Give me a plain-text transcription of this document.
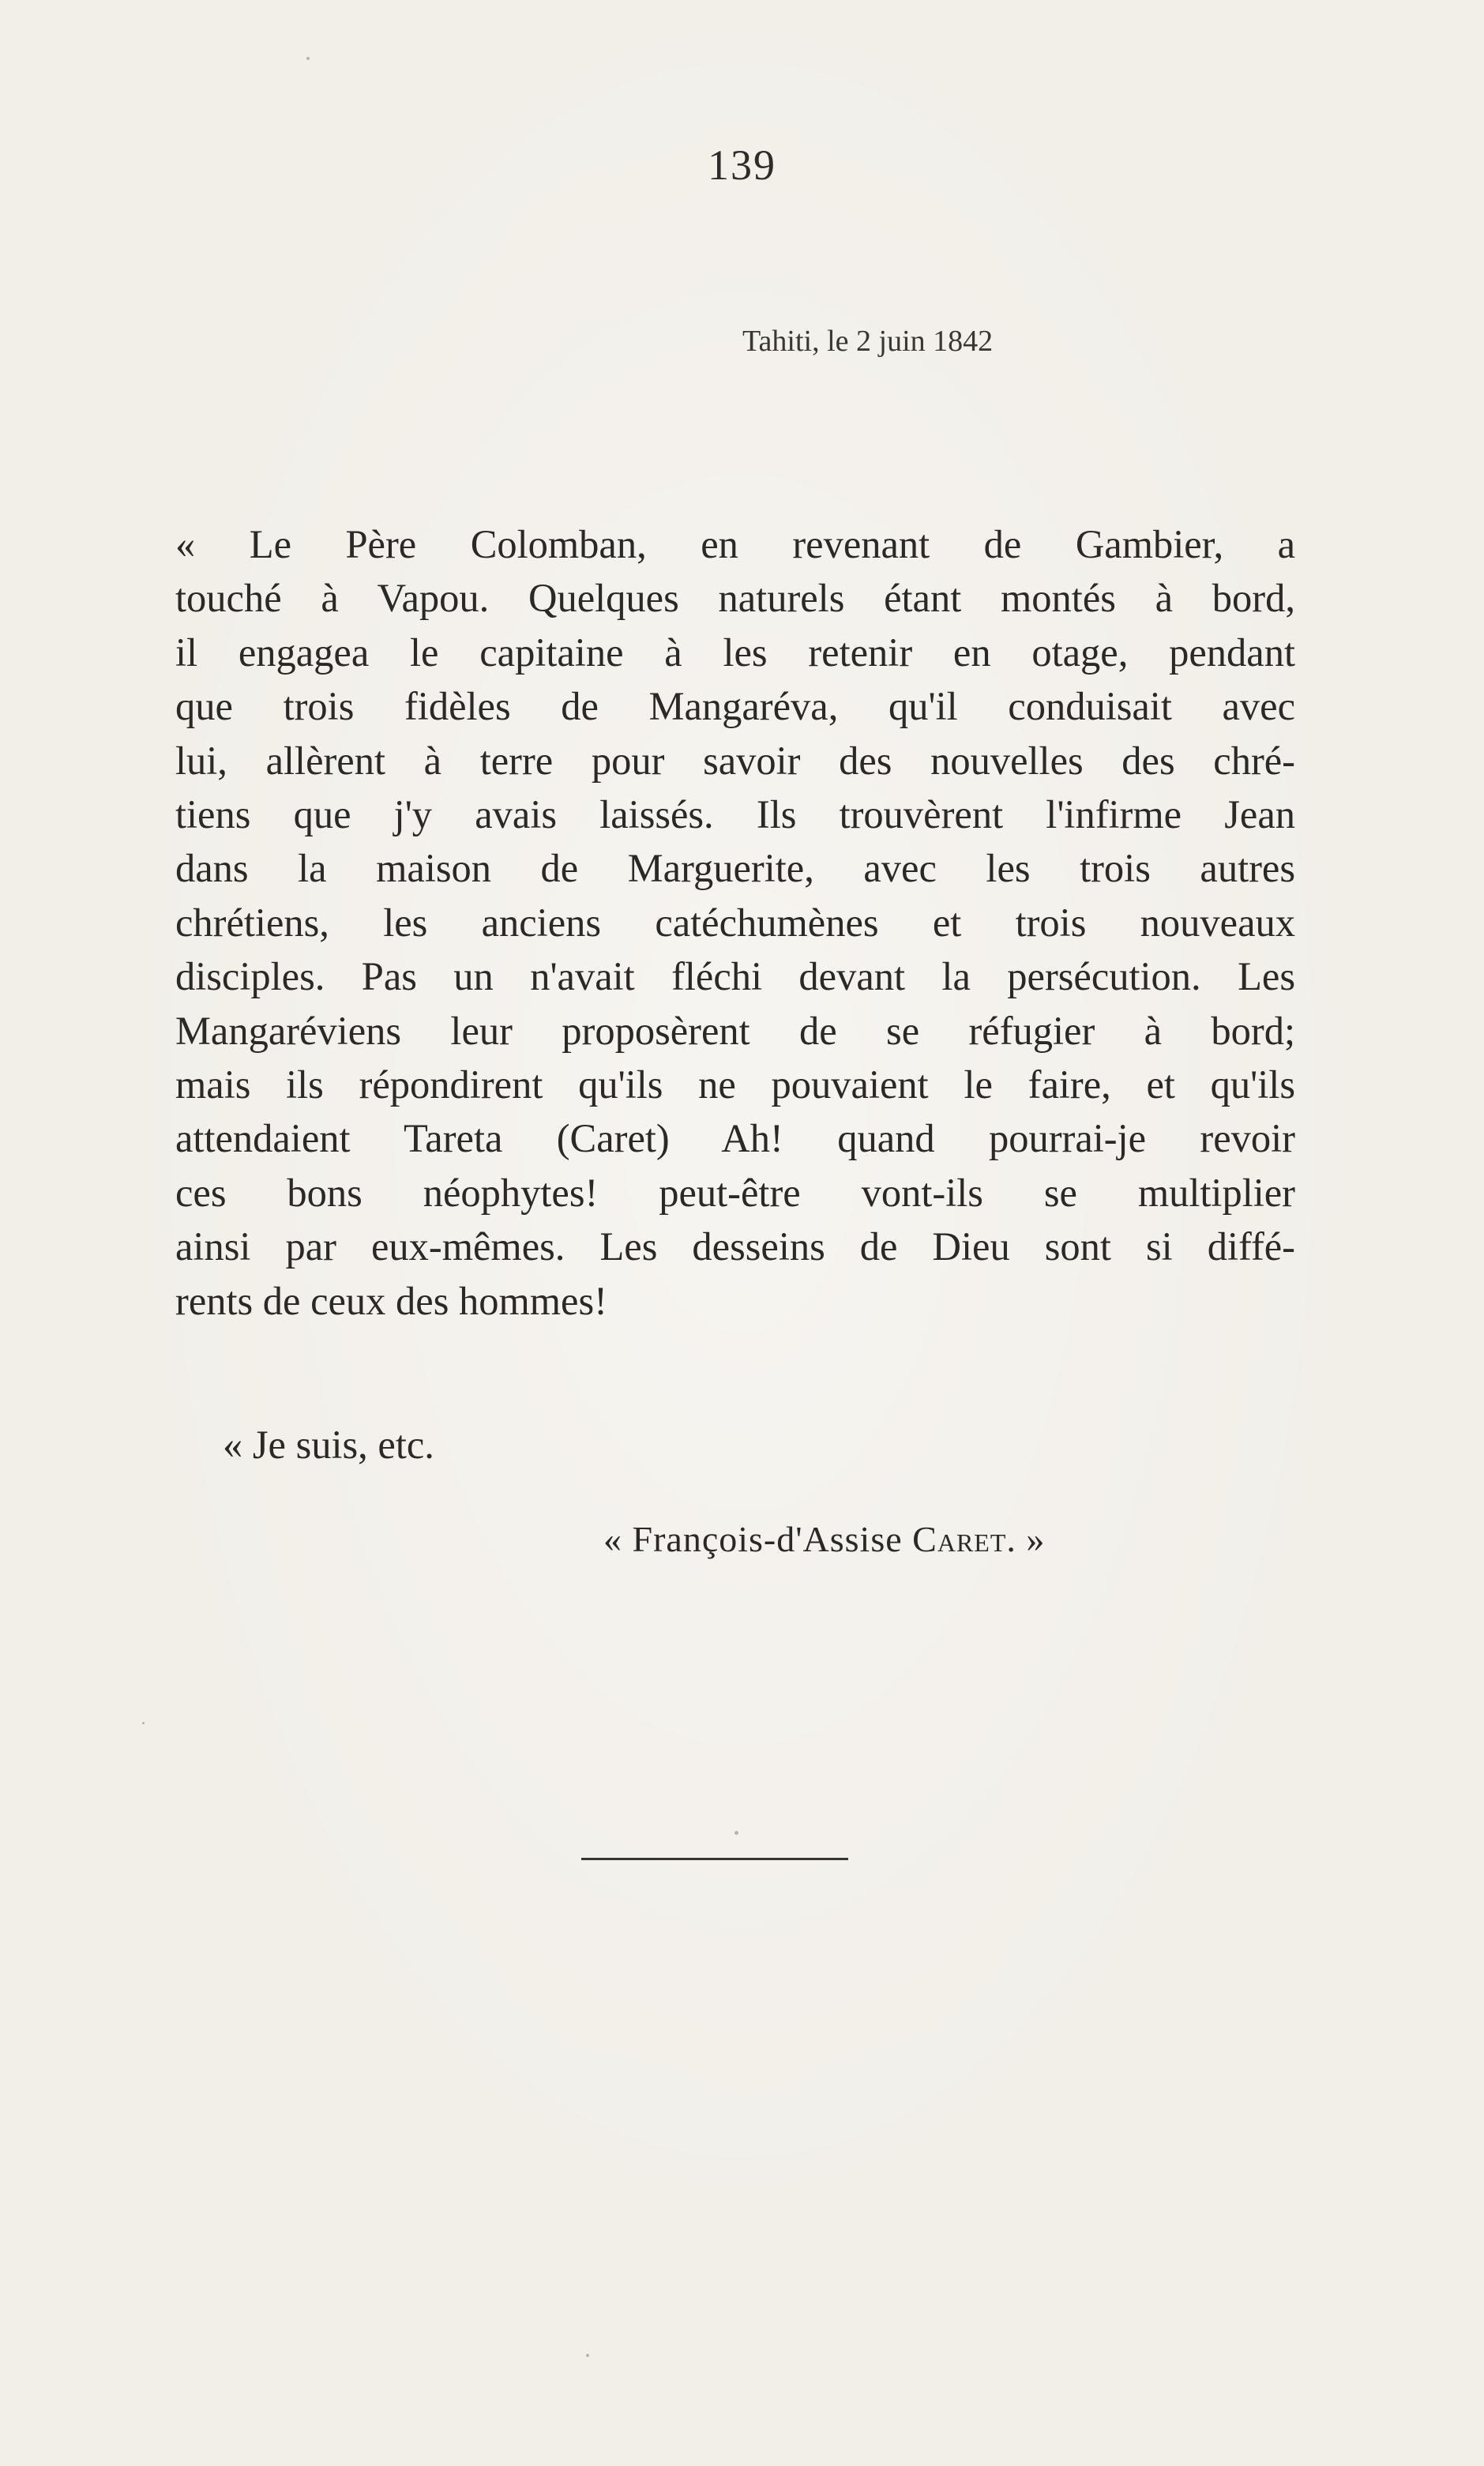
139
Tahiti, le 2 juin 1842
« Le Père Colomban, en revenant de Gambier, a
touché à Vapou. Quelques naturels étant montés à bord,
il engagea le capitaine à les retenir en otage, pendant
que trois fidèles de Mangaréva, qu'il conduisait avec
lui, allèrent à terre pour savoir des nouvelles des chré-
tiens que j'y avais laissés. Ils trouvèrent l'infirme Jean
dans la maison de Marguerite, avec les trois autres
chrétiens, les anciens catéchumènes et trois nouveaux
disciples. Pas un n'avait fléchi devant la persécution. Les
Mangaréviens leur proposèrent de se réfugier à bord;
mais ils répondirent qu'ils ne pouvaient le faire, et qu'ils
attendaient Tareta (Caret) Ah! quand pourrai-je revoir
ces bons néophytes! peut-être vont-ils se multiplier
ainsi par eux-mêmes. Les desseins de Dieu sont si diffé-
rents de ceux des hommes!
« Je suis, etc.
« François-d'Assise Caret. »
